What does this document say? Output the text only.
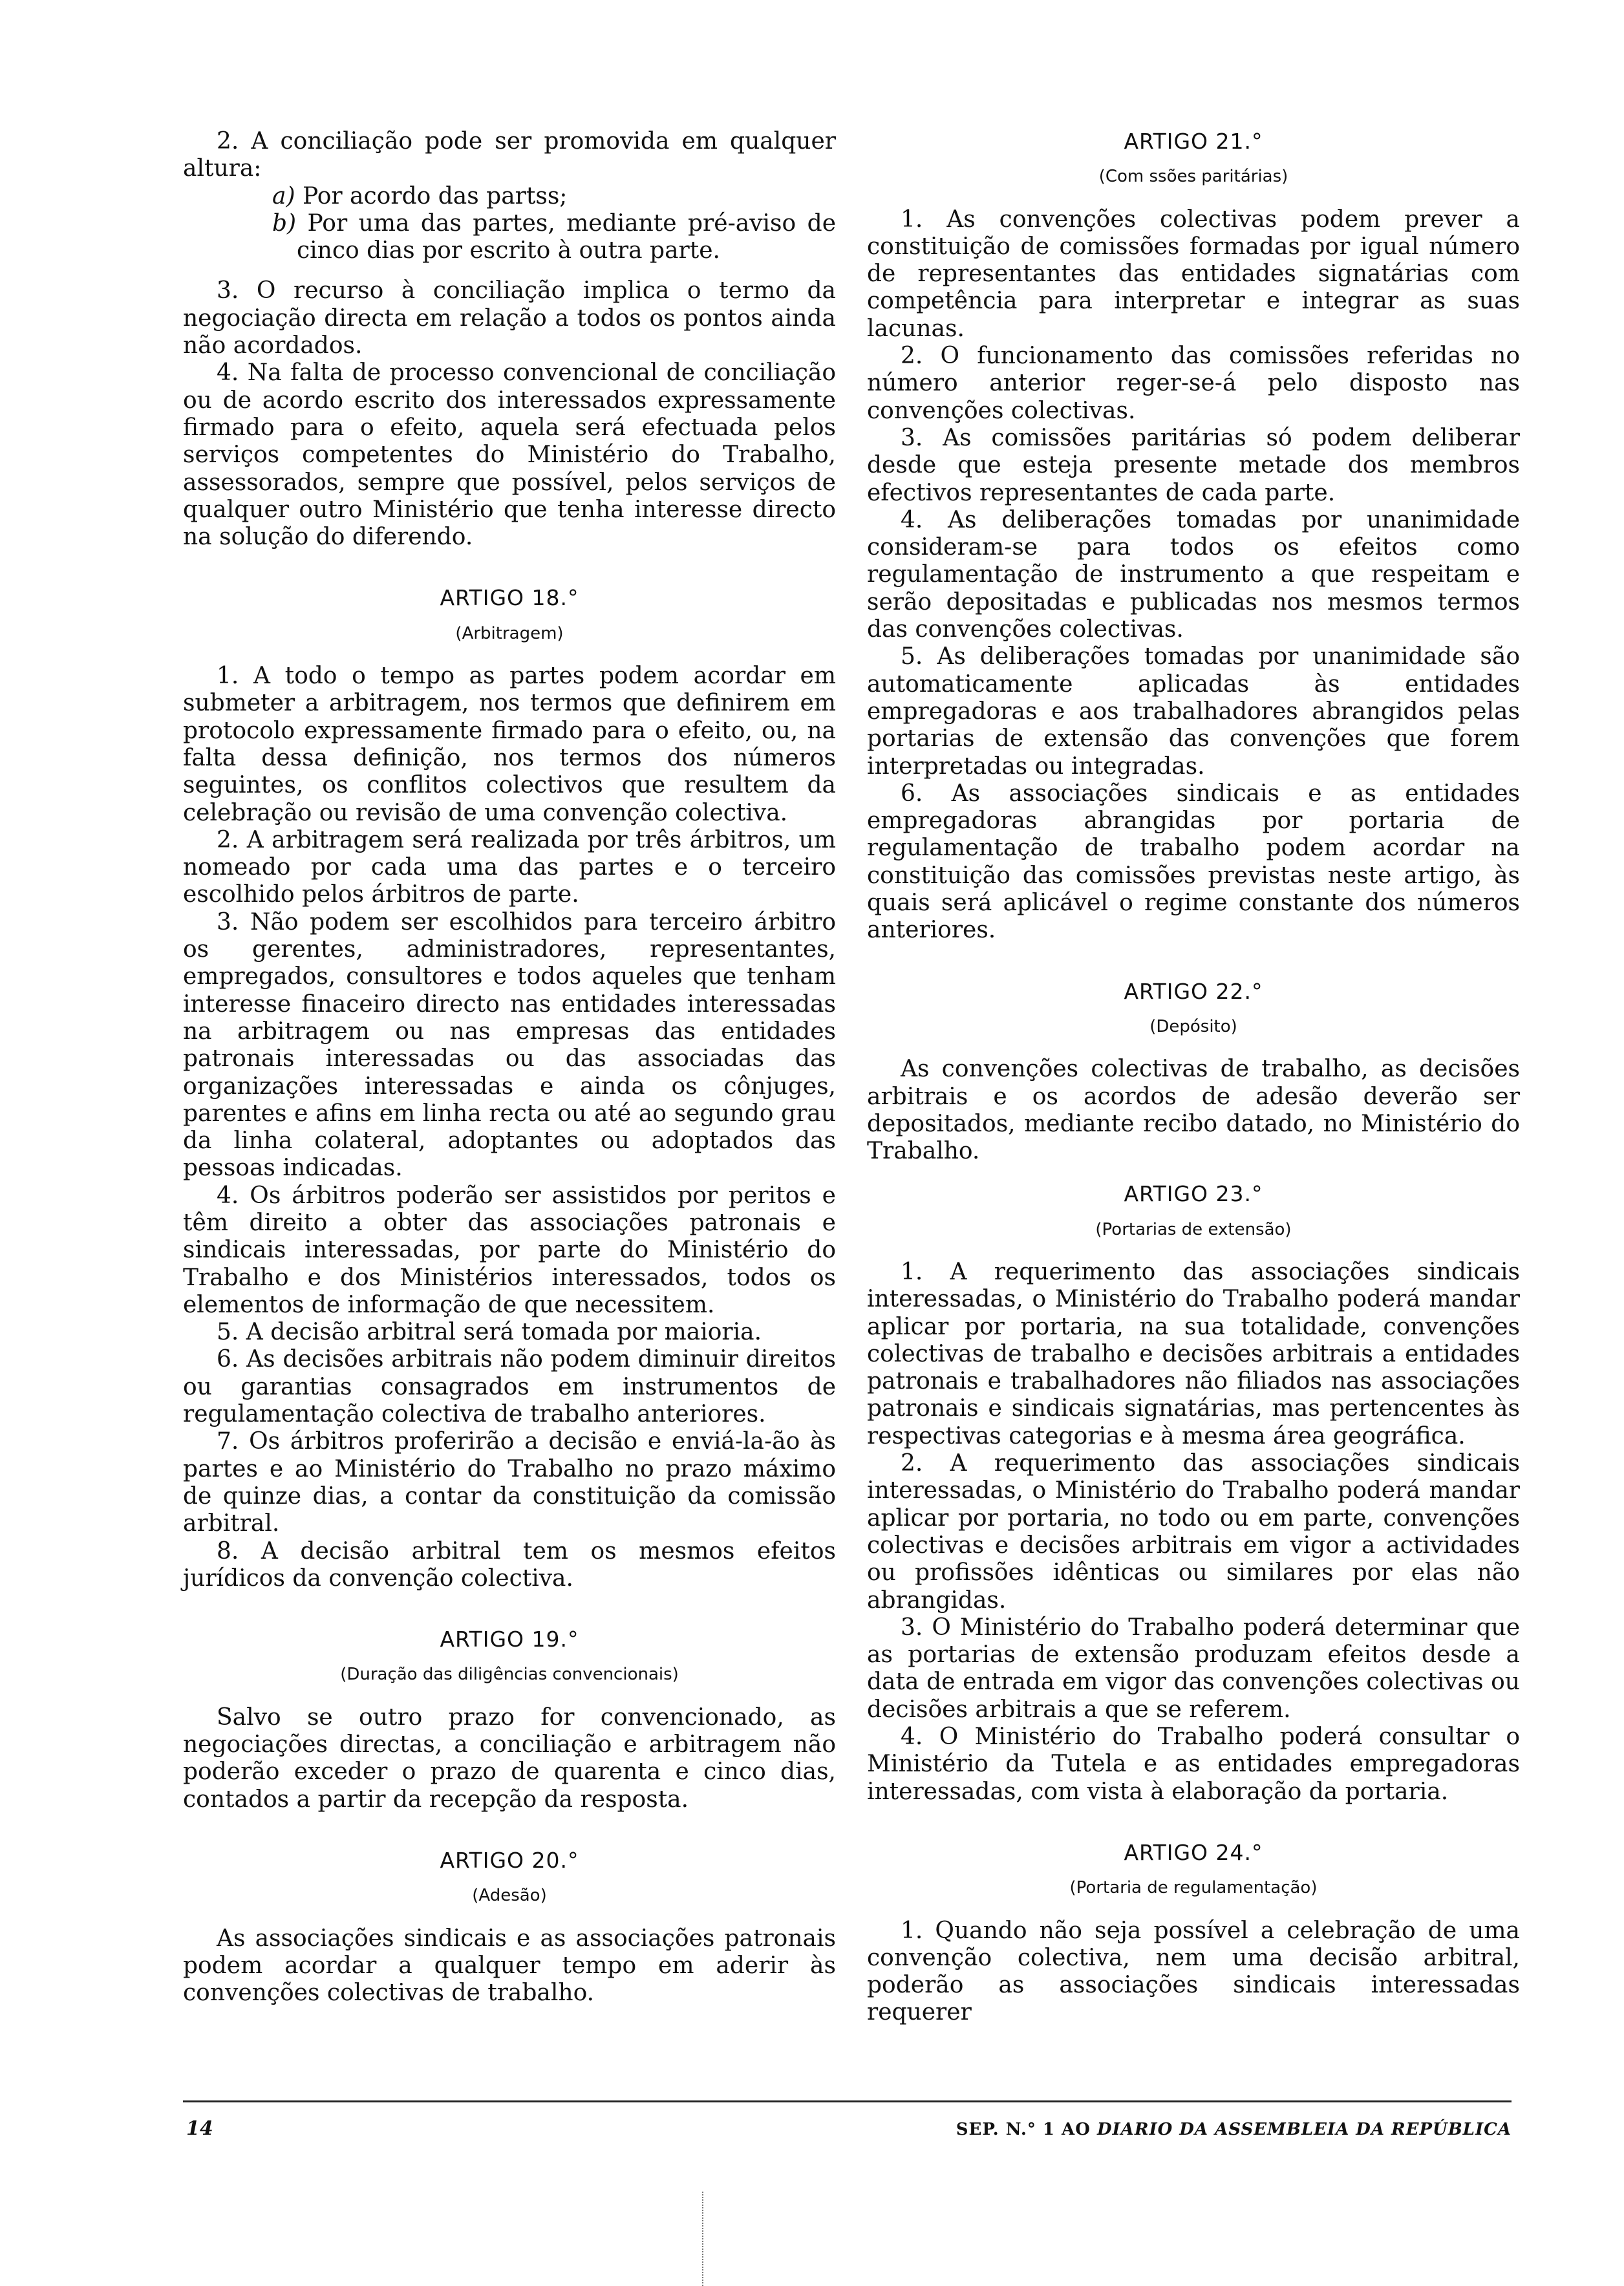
2. A conciliação pode ser promovida em qualquer altura:

a) Por acordo das partss;
b) Por uma das partes, mediante pré-aviso de cinco dias por escrito à outra parte.

3. O recurso à conciliação implica o termo da negociação directa em relação a todos os pontos ainda não acordados.

4. Na falta de processo convencional de conciliação ou de acordo escrito dos interessados expressamente firmado para o efeito, aquela será efectuada pelos serviços competentes do Ministério do Trabalho, assessorados, sempre que possível, pelos serviços de qualquer outro Ministério que tenha interesse directo na solução do diferendo.

ARTIGO 18.°
(Arbitragem)

1. A todo o tempo as partes podem acordar em submeter a arbitragem, nos termos que definirem em protocolo expressamente firmado para o efeito, ou, na falta dessa definição, nos termos dos números seguintes, os conflitos colectivos que resultem da celebração ou revisão de uma convenção colectiva.

2. A arbitragem será realizada por três árbitros, um nomeado por cada uma das partes e o terceiro escolhido pelos árbitros de parte.

3. Não podem ser escolhidos para terceiro árbitro os gerentes, administradores, representantes, empregados, consultores e todos aqueles que tenham interesse finaceiro directo nas entidades interessadas na arbitragem ou nas empresas das entidades patronais interessadas ou das associadas das organizações interessadas e ainda os cônjuges, parentes e afins em linha recta ou até ao segundo grau da linha colateral, adoptantes ou adoptados das pessoas indicadas.

4. Os árbitros poderão ser assistidos por peritos e têm direito a obter das associações patronais e sindicais interessadas, por parte do Ministério do Trabalho e dos Ministérios interessados, todos os elementos de informação de que necessitem.

5. A decisão arbitral será tomada por maioria.

6. As decisões arbitrais não podem diminuir direitos ou garantias consagrados em instrumentos de regulamentação colectiva de trabalho anteriores.

7. Os árbitros proferirão a decisão e enviá-la-ão às partes e ao Ministério do Trabalho no prazo máximo de quinze dias, a contar da constituição da comissão arbitral.

8. A decisão arbitral tem os mesmos efeitos jurídicos da convenção colectiva.

ARTIGO 19.°
(Duração das diligências convencionais)

Salvo se outro prazo for convencionado, as negociações directas, a conciliação e arbitragem não poderão exceder o prazo de quarenta e cinco dias, contados a partir da recepção da resposta.

ARTIGO 20.°
(Adesão)

As associações sindicais e as associações patronais podem acordar a qualquer tempo em aderir às convenções colectivas de trabalho.

ARTIGO 21.°
(Com ssões paritárias)

1. As convenções colectivas podem prever a constituição de comissões formadas por igual número de representantes das entidades signatárias com competência para interpretar e integrar as suas lacunas.

2. O funcionamento das comissões referidas no número anterior reger-se-á pelo disposto nas convenções colectivas.

3. As comissões paritárias só podem deliberar desde que esteja presente metade dos membros efectivos representantes de cada parte.

4. As deliberações tomadas por unanimidade consideram-se para todos os efeitos como regulamentação de instrumento a que respeitam e serão depositadas e publicadas nos mesmos termos das convenções colectivas.

5. As deliberações tomadas por unanimidade são automaticamente aplicadas às entidades empregadoras e aos trabalhadores abrangidos pelas portarias de extensão das convenções que forem interpretadas ou integradas.

6. As associações sindicais e as entidades empregadoras abrangidas por portaria de regulamentação de trabalho podem acordar na constituição das comissões previstas neste artigo, às quais será aplicável o regime constante dos números anteriores.

ARTIGO 22.°
(Depósito)

As convenções colectivas de trabalho, as decisões arbitrais e os acordos de adesão deverão ser depositados, mediante recibo datado, no Ministério do Trabalho.

ARTIGO 23.°
(Portarias de extensão)

1. A requerimento das associações sindicais interessadas, o Ministério do Trabalho poderá mandar aplicar por portaria, na sua totalidade, convenções colectivas de trabalho e decisões arbitrais a entidades patronais e trabalhadores não filiados nas associações patronais e sindicais signatárias, mas pertencentes às respectivas categorias e à mesma área geográfica.

2. A requerimento das associações sindicais interessadas, o Ministério do Trabalho poderá mandar aplicar por portaria, no todo ou em parte, convenções colectivas e decisões arbitrais em vigor a actividades ou profissões idênticas ou similares por elas não abrangidas.

3. O Ministério do Trabalho poderá determinar que as portarias de extensão produzam efeitos desde a data de entrada em vigor das convenções colectivas ou decisões arbitrais a que se referem.

4. O Ministério do Trabalho poderá consultar o Ministério da Tutela e as entidades empregadoras interessadas, com vista à elaboração da portaria.

ARTIGO 24.°
(Portaria de regulamentação)

1. Quando não seja possível a celebração de uma convenção colectiva, nem uma decisão arbitral, poderão as associações sindicais interessadas requerer

14	SEP. N.° 1 AO DIARIO DA ASSEMBLEIA DA REPÚBLICA
